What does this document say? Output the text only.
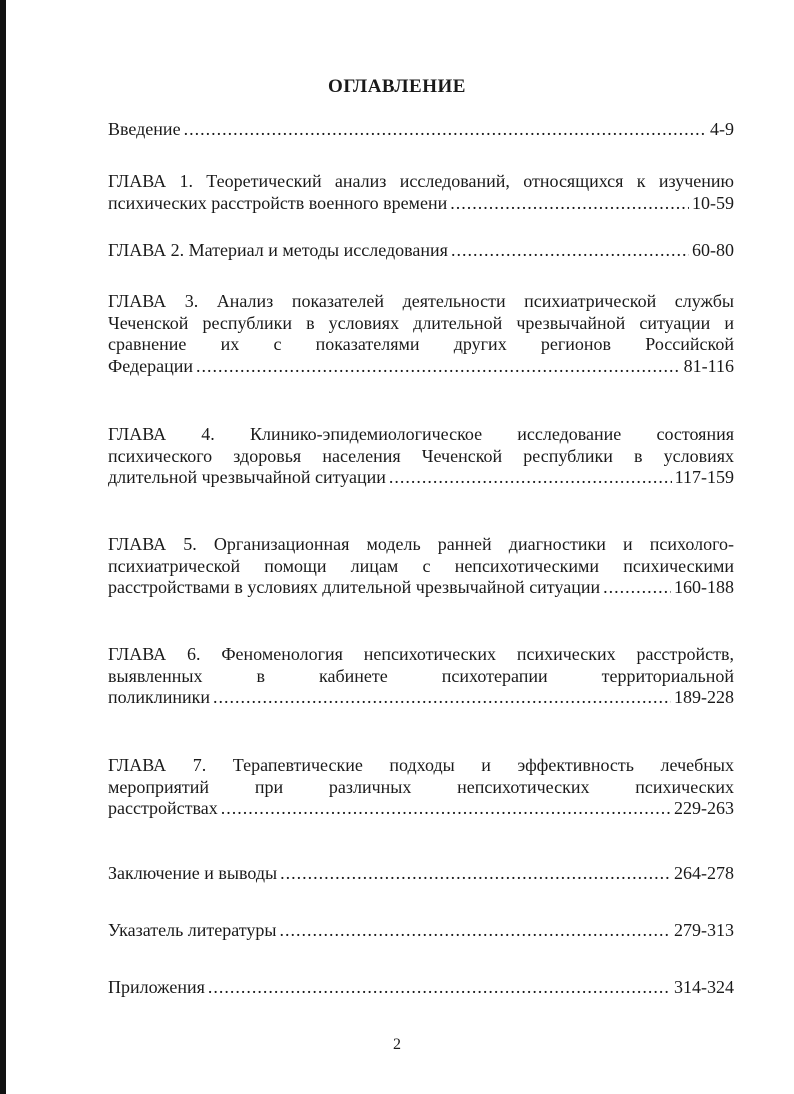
ОГЛАВЛЕНИЕ
Введение .....	4-9
ГЛАВА 1. Теоретический анализ исследований, относящихся к изучению
психических расстройств военного времени .....	10-59
ГЛАВА 2. Материал и методы исследования .....	60-80
ГЛАВА 3. Анализ показателей деятельности психиатрической службы
Чеченской республики в условиях длительной чрезвычайной ситуации и
сравнение их с показателями других регионов Российской
Федерации .....	81-116
ГЛАВА 4. Клинико-эпидемиологическое исследование состояния
психического здоровья населения Чеченской республики в условиях
длительной чрезвычайной ситуации .....	117-159
ГЛАВА 5. Организационная модель ранней диагностики и психолого-
психиатрической помощи лицам с непсихотическими психическими
расстройствами в условиях длительной чрезвычайной ситуации .....	160-188
ГЛАВА 6. Феноменология непсихотических психических расстройств,
выявленных в кабинете психотерапии территориальной
поликлиники .....	189-228
ГЛАВА 7. Терапевтические подходы и эффективность лечебных
мероприятий при различных непсихотических психических
расстройствах .....	229-263
Заключение и выводы .....	264-278
Указатель литературы .....	279-313
Приложения .....	314-324
2
